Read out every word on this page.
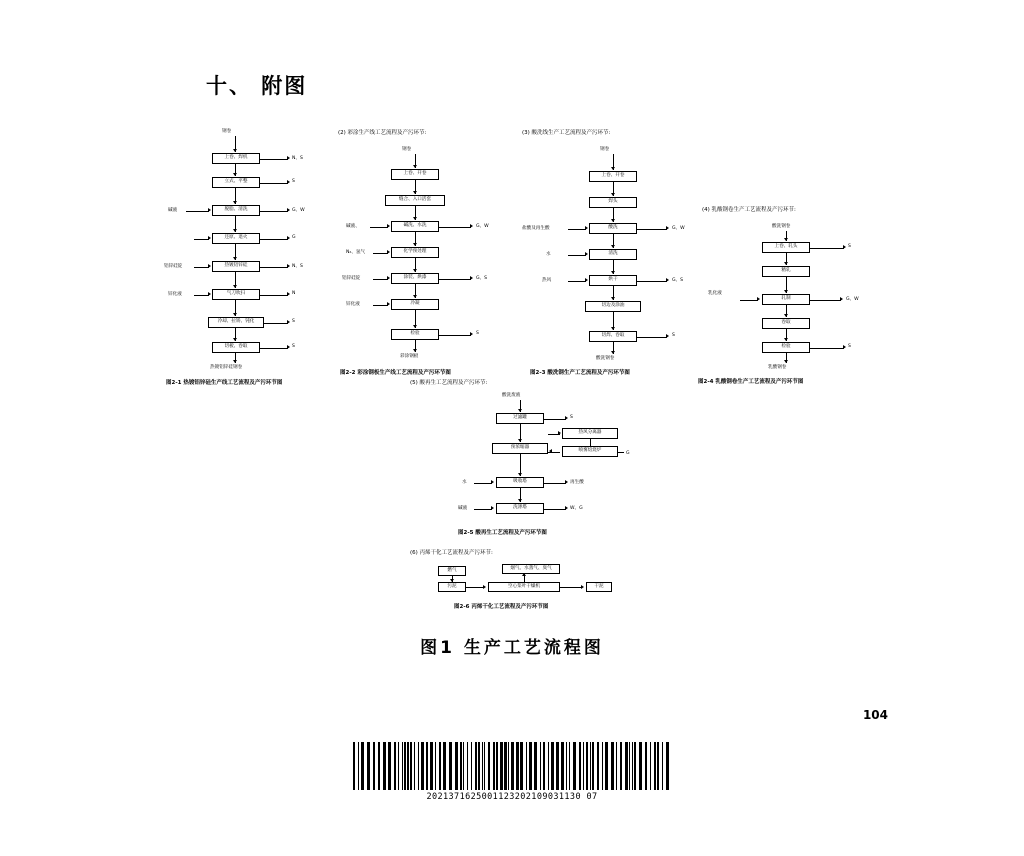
十、 附图
钢卷
上卷、焊机	N、S
立式、平整	S
脱脂、清洗
碱液	G、W
还原、退火	G
热镀铝锌硅
铝锌硅锭	N、S
气刀吹扫
锌化液	N
冷却、拉矫、钝化	S
切板、卷取	S
热镀铝锌硅钢卷
图2-1 热镀铝锌硅生产线工艺流程及产污环节图
(2) 彩涂生产线工艺流程及产污环节:
钢卷
上卷、开卷
缝合、入口活套
碱洗、水洗
碱液、	G、W
化学预处理
N₂、氢气
涂装、烘漆
铝锌硅锭	G、S
冷凝
锌化液
检验	S
彩涂钢板
图2-2 彩涂钢板生产线工艺流程及产污环节图
(3) 酸洗线生产工艺流程及产污环节:
钢卷
上卷、开卷
焊头
酸洗
盐酸及再生酸	G、W
清洗
水
烘干
热风	G、S
切边及涂油
切焊、卷取	S
酸洗钢卷
图2-3 酸洗钢生产工艺流程及产污环节图
(4) 乳酸钢卷生产工艺流程及产污环节:
酸洗钢卷
上卷、轧头	S
精轧
轧制
乳化液
G、W
卷取
检验	S
乳酸钢卷
图2-4 乳酸钢卷生产工艺流程及产污环节图
(5) 酸再生工艺流程及产污环节:
酸洗废液
过滤罐	S
预浓缩器
热风分离器
喷雾焙烧炉
G
吸收塔
水	再生酸
洗涤塔
碱液	W、G
图2-5 酸再生工艺流程及产污环节图
(6) 丙烯干化工艺流程及产污环节:
燃气
污泥	空心桨叶干燥机
烟气、水蒸气、臭气
干泥
图2-6 丙烯干化工艺流程及产污环节图
图1 生产工艺流程图
104
2021371625001123202109031130 07
